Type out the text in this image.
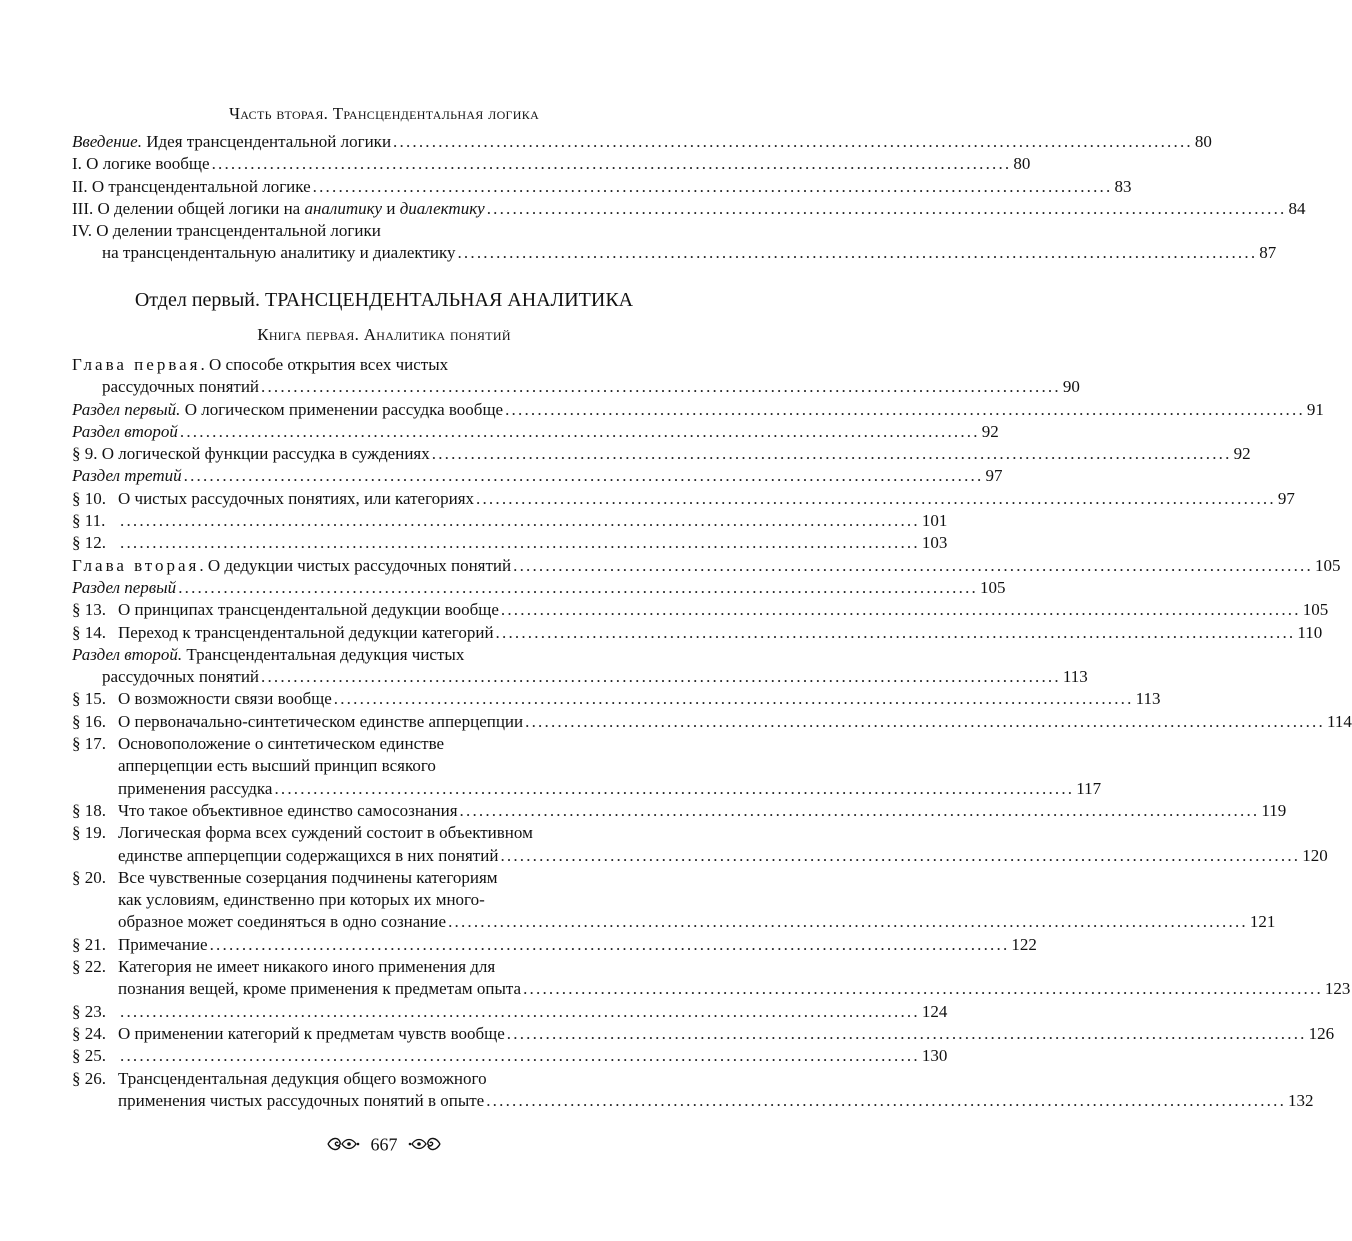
Часть вторая. Трансцендентальная логика
Введение. Идея трансцендентальной логики ............................................................................................................................ 80
I. О логике вообще ............................................................................................................................ 80
II. О трансцендентальной логике ............................................................................................................................ 83
III. О делении общей логики на аналитику и диалектику ............................................................................................................................ 84
IV. О делении трансцендентальной логики
на трансцендентальную аналитику и диалектику ............................................................................................................................ 87
Отдел первый. ТРАНСЦЕНДЕНТАЛЬНАЯ АНАЛИТИКА
Книга первая. Аналитика понятий
Глава первая. О способе открытия всех чистых
рассудочных понятий ............................................................................................................................ 90
Раздел первый. О логическом применении рассудка вообще ............................................................................................................................ 91
Раздел второй ............................................................................................................................ 92
§ 9. О логической функции рассудка в суждениях ............................................................................................................................ 92
Раздел третий ............................................................................................................................ 97
§ 10. О чистых рассудочных понятиях, или категориях ............................................................................................................................ 97
§ 11. ............................................................................................................................ 101
§ 12. ............................................................................................................................ 103
Глава вторая. О дедукции чистых рассудочных понятий ............................................................................................................................ 105
Раздел первый ............................................................................................................................ 105
§ 13. О принципах трансцендентальной дедукции вообще ............................................................................................................................ 105
§ 14. Переход к трансцендентальной дедукции категорий ............................................................................................................................ 110
Раздел второй. Трансцендентальная дедукция чистых
рассудочных понятий ............................................................................................................................ 113
§ 15. О возможности связи вообще ............................................................................................................................ 113
§ 16. О первоначально-синтетическом единстве апперцепции ............................................................................................................................ 114
§ 17. Основоположение о синтетическом единстве
апперцепции есть высший принцип всякого
применения рассудка ............................................................................................................................ 117
§ 18. Что такое объективное единство самосознания ............................................................................................................................ 119
§ 19. Логическая форма всех суждений состоит в объективном
единстве апперцепции содержащихся в них понятий ............................................................................................................................ 120
§ 20. Все чувственные созерцания подчинены категориям
как условиям, единственно при которых их много-
образное может соединяться в одно сознание ............................................................................................................................ 121
§ 21. Примечание ............................................................................................................................ 122
§ 22. Категория не имеет никакого иного применения для
познания вещей, кроме применения к предметам опыта ............................................................................................................................ 123
§ 23. ............................................................................................................................ 124
§ 24. О применении категорий к предметам чувств вообще ............................................................................................................................ 126
§ 25. ............................................................................................................................ 130
§ 26. Трансцендентальная дедукция общего возможного
применения чистых рассудочных понятий в опыте ............................................................................................................................ 132
667
